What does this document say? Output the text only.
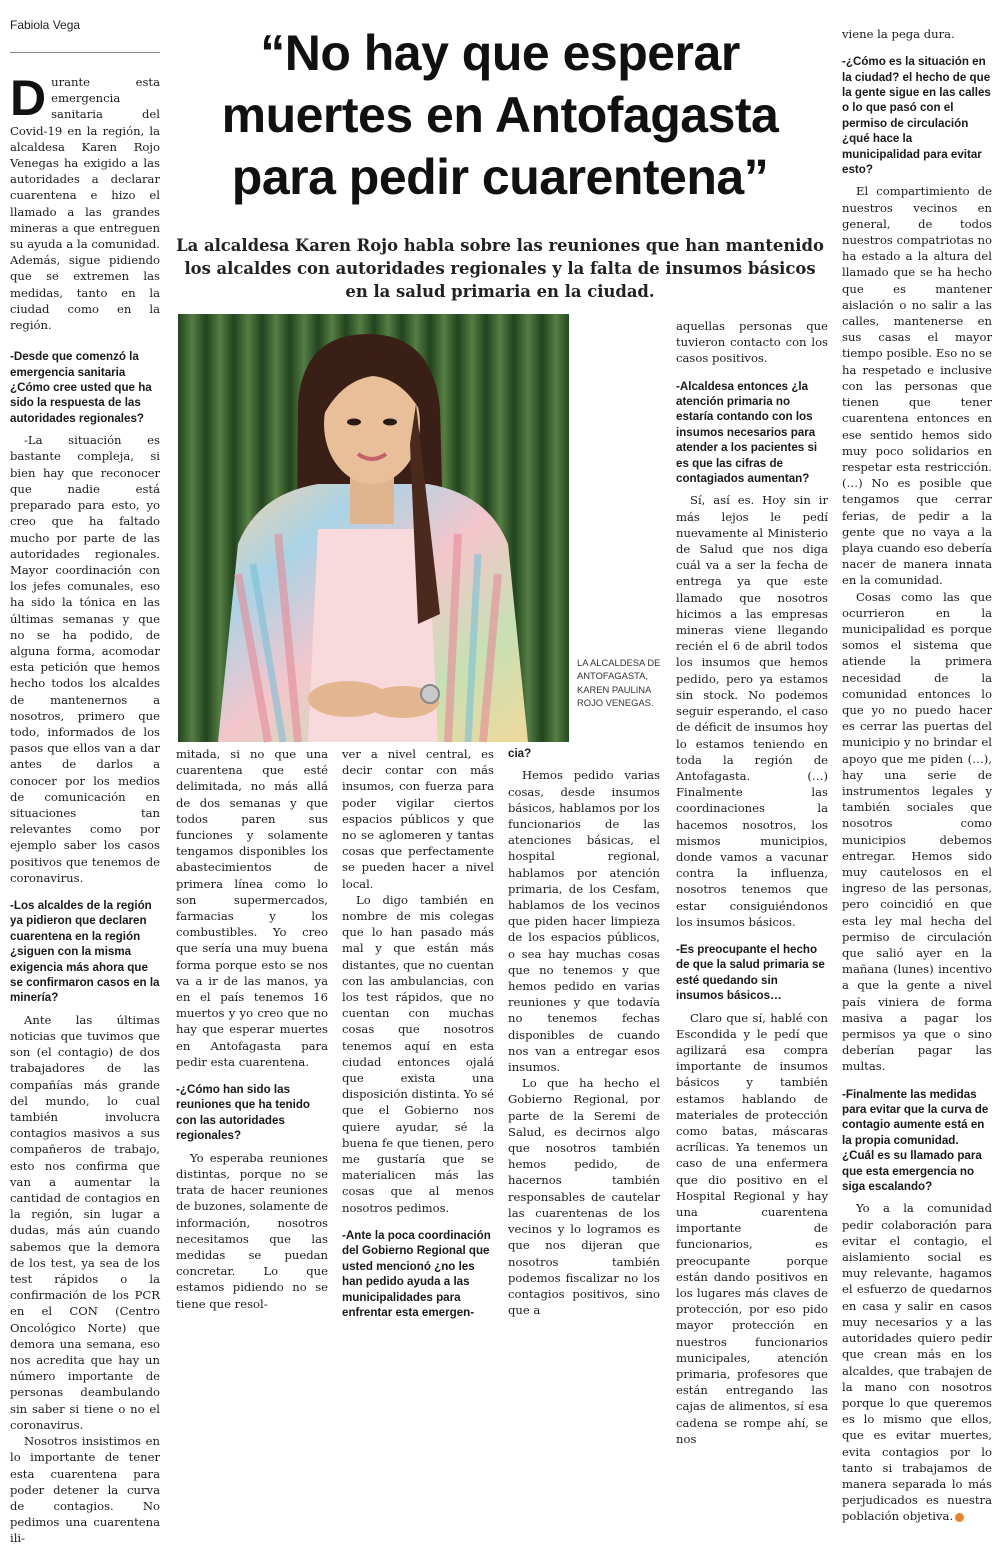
Fabiola Vega	“No hay que esperar muertes en Antofagasta para pedir cuarentena”
La alcaldesa Karen Rojo habla sobre las reuniones que han mantenido los alcaldes con autoridades regionales y la falta de insumos básicos en la salud primaria en la ciudad.

Durante esta emergencia sanitaria del Covid-19 en la región, la alcaldesa Karen Rojo Venegas ha exigido a las autoridades a declarar cuarentena e hizo el llamado a las grandes mineras a que entreguen su ayuda a la comunidad. Además, sigue pidiendo que se extremen las medidas, tanto en la ciudad como en la región.

-Desde que comenzó la emergencia sanitaria ¿Cómo cree usted que ha sido la respuesta de las autoridades regionales?

-La situación es bastante compleja, si bien hay que reconocer que nadie está preparado para esto, yo creo que ha faltado mucho por parte de las autoridades regionales. Mayor coordinación con los jefes comunales, eso ha sido la tónica en las últimas semanas y que no se ha podido, de alguna forma, acomodar esta petición que hemos hecho todos los alcaldes de mantenernos a nosotros, primero que todo, informados de los pasos que ellos van a dar antes de darlos a conocer por los medios de comunicación en situaciones tan relevantes como por ejemplo saber los casos positivos que tenemos de coronavirus.

-Los alcaldes de la región ya pidieron que declaren cuarentena en la región ¿siguen con la misma exigencia más ahora que se confirmaron casos en la minería?

Ante las últimas noticias que tuvimos que son (el contagio) de dos trabajadores de las compañías más grande del mundo, lo cual también involucra contagios masivos a sus compañeros de trabajo, esto nos confirma que van a aumentar la cantidad de contagios en la región, sin lugar a dudas, más aún cuando sabemos que la demora de los test, ya sea de los test rápidos o la confirmación de los PCR en el CON (Centro Oncológico Norte) que demora una semana, eso nos acredita que hay un número importante de personas deambulando sin saber si tiene o no el coronavirus.

Nosotros insistimos en lo importante de tener esta cuarentena para poder detener la curva de contagios. No pedimos una cuarentena ili-

LA ALCALDESA DE ANTOFAGASTA, KAREN PAULINA ROJO VENEGAS.

mitada, si no que una cuarentena que esté delimitada, no más allá de dos semanas y que todos paren sus funciones y solamente tengamos disponibles los abastecimientos de primera línea como lo son supermercados, farmacias y los combustibles. Yo creo que sería una muy buena forma porque esto se nos va a ir de las manos, ya en el país tenemos 16 muertos y yo creo que no hay que esperar muertes en Antofagasta para pedir esta cuarentena.

-¿Cómo han sido las reuniones que ha tenido con las autoridades regionales?

Yo esperaba reuniones distintas, porque no se trata de hacer reuniones de buzones, solamente de información, nosotros necesitamos que las medidas se puedan concretar. Lo que estamos pidiendo no se tiene que resol-

ver a nivel central, es decir contar con más insumos, con fuerza para poder vigilar ciertos espacios públicos y que no se aglomeren y tantas cosas que perfectamente se pueden hacer a nivel local.

Lo digo también en nombre de mis colegas que lo han pasado más mal y que están más distantes, que no cuentan con las ambulancias, con los test rápidos, que no cuentan con muchas cosas que nosotros tenemos aquí en esta ciudad entonces ojalá que exista una disposición distinta. Yo sé que el Gobierno nos quiere ayudar, sé la buena fe que tienen, pero me gustaría que se materialicen más las cosas que al menos nosotros pedimos.

-Ante la poca coordinación del Gobierno Regional que usted mencionó ¿no les han pedido ayuda a las municipalidades para enfrentar esta emergen-

cia?

Hemos pedido varias cosas, desde insumos básicos, hablamos por los funcionarios de las atenciones básicas, el hospital regional, hablamos por atención primaria, de los Cesfam, hablamos de los vecinos que piden hacer limpieza de los espacios públicos, o sea hay muchas cosas que no tenemos y que hemos pedido en varias reuniones y que todavía no tenemos fechas disponibles de cuando nos van a entregar esos insumos.

Lo que ha hecho el Gobierno Regional, por parte de la Seremi de Salud, es decirnos algo que nosotros también hemos pedido, de hacernos también responsables de cautelar las cuarentenas de los vecinos y lo logramos es que nos dijeran que nosotros también podemos fiscalizar no los contagios positivos, sino que a

aquellas personas que tuvieron contacto con los casos positivos.

-Alcaldesa entonces ¿la atención primaria no estaría contando con los insumos necesarios para atender a los pacientes si es que las cifras de contagiados aumentan?

Sí, así es. Hoy sin ir más lejos le pedí nuevamente al Ministerio de Salud que nos diga cuál va a ser la fecha de entrega ya que este llamado que nosotros hicimos a las empresas mineras viene llegando recién el 6 de abril todos los insumos que hemos pedido, pero ya estamos sin stock. No podemos seguir esperando, el caso de déficit de insumos hoy lo estamos teniendo en toda la región de Antofagasta. (…) Finalmente las coordinaciones la hacemos nosotros, los mismos municipios, donde vamos a vacunar contra la influenza, nosotros tenemos que estar consiguiéndonos los insumos básicos.

-Es preocupante el hecho de que la salud primaria se esté quedando sin insumos básicos…

Claro que sí, hablé con Escondida y le pedí que agilizará esa compra importante de insumos básicos y también estamos hablando de materiales de protección como batas, máscaras acrílicas. Ya tenemos un caso de una enfermera que dio positivo en el Hospital Regional y hay una cuarentena importante de funcionarios, es preocupante porque están dando positivos en los lugares más claves de protección, por eso pido mayor protección en nuestros funcionarios municipales, atención primaria, profesores que están entregando las cajas de alimentos, sí esa cadena se rompe ahí, se nos

viene la pega dura.

-¿Cómo es la situación en la ciudad? el hecho de que la gente sigue en las calles o lo que pasó con el permiso de circulación ¿qué hace la municipalidad para evitar esto?

El compartimiento de nuestros vecinos en general, de todos nuestros compatriotas no ha estado a la altura del llamado que se ha hecho que es mantener aislación o no salir a las calles, mantenerse en sus casas el mayor tiempo posible. Eso no se ha respetado e inclusive con las personas que tienen que tener cuarentena entonces en ese sentido hemos sido muy poco solidarios en respetar esta restricción. (…) No es posible que tengamos que cerrar ferias, de pedir a la gente que no vaya a la playa cuando eso debería nacer de manera innata en la comunidad.

Cosas como las que ocurrieron en la municipalidad es porque somos el sistema que atiende la primera necesidad de la comunidad entonces lo que yo no puedo hacer es cerrar las puertas del municipio y no brindar el apoyo que me piden (…), hay una serie de instrumentos legales y también sociales que nosotros como municipios debemos entregar. Hemos sido muy cautelosos en el ingreso de las personas, pero coincidió en que esta ley mal hecha del permiso de circulación que salió ayer en la mañana (lunes) incentivo a que la gente a nivel país viniera de forma masiva a pagar los permisos ya que o sino deberían pagar las multas.

-Finalmente las medidas para evitar que la curva de contagio aumente está en la propia comunidad. ¿Cuál es su llamado para que esta emergencia no siga escalando?

Yo a la comunidad pedir colaboración para evitar el contagio, el aislamiento social es muy relevante, hagamos el esfuerzo de quedarnos en casa y salir en casos muy necesarios y a las autoridades quiero pedir que crean más en los alcaldes, que trabajen de la mano con nosotros porque lo que queremos es lo mismo que ellos, que es evitar muertes, evita contagios por lo tanto si trabajamos de manera separada lo más perjudicados es nuestra población objetiva.
